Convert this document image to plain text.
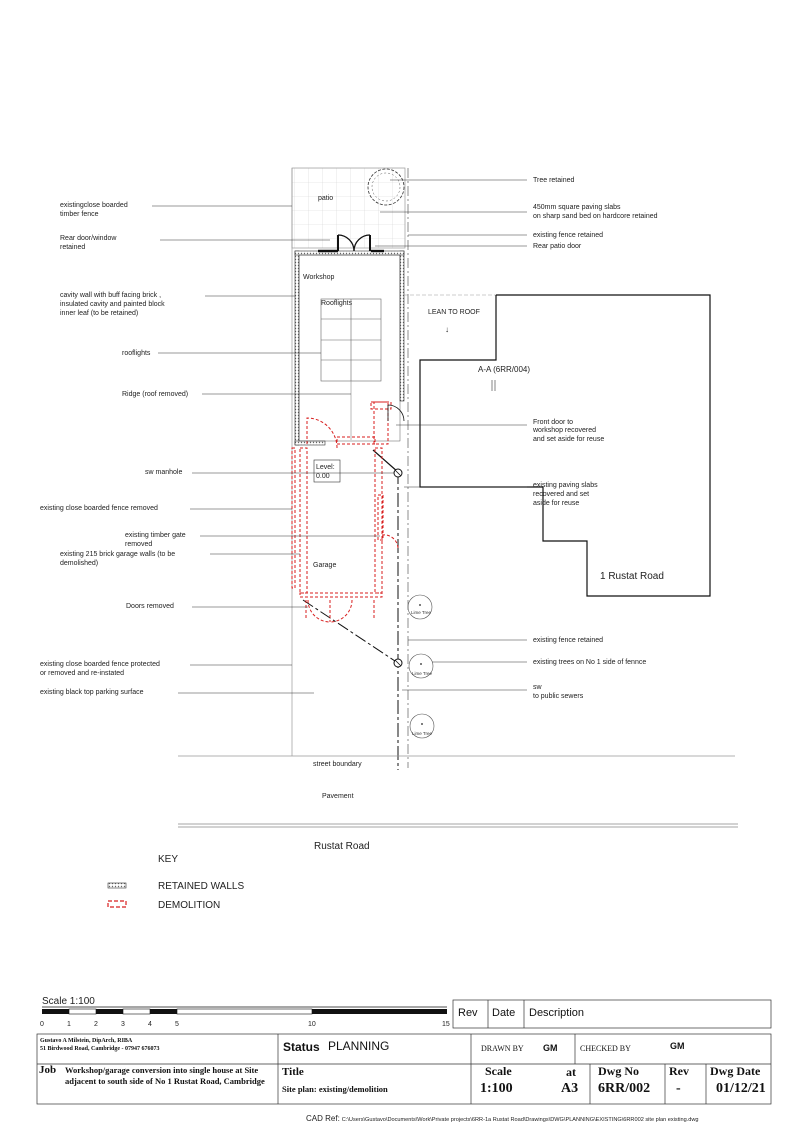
patio
Workshop
Rooflights
LEAN TO ROOF
↓
A-A (6RR/004)
1 Rustat Road
Level:
0.00
Garage
Lime Tree
Lime Tree
Lime Tree
street boundary
Pavement
Rustat Road
existingclose boarded
timber fence
Rear door/window
retained
cavity wall with buff facing brick ,
insulated cavity and painted block
inner leaf (to be retained)
rooflights
Ridge (roof removed)
sw manhole
existing close boarded fence removed
existing timber gate
removed
existing 215 brick garage walls (to be
demolished)
Doors removed
existing close boarded fence protected
or removed and re-instated
existing black top parking surface
Tree retained
450mm square paving slabs
on sharp sand bed on hardcore retained
existing fence retained
Rear patio door
Front door to
workshop recovered
and set aside for reuse
existing paving slabs
recovered and set
aside for reuse
existing fence retained
existing trees on No 1 side of fennce
sw
to public sewers
KEY
RETAINED WALLS
DEMOLITION
Scale 1:100
0	1	2	3	4	5	10	15
Rev Date Description
Gustavo A Milstein, DipArch, RIBA
51 Birdwood Road, Cambridge - 07947 676073	Status PLANNING	DRAWN BY GM	CHECKED BY	GM
Job Workshop/garage conversion into single house at Site adjacent to south side of No 1 Rustat Road, Cambridge
Title
Site plan: existing/demolition
Scale	at
1:100	A3
Dwg No
6RR/002
Rev
-
Dwg Date
01/12/21
CAD Ref: C:\Users\Gustavo\Documents\Work\Private projects\6RR-1a Rustat Road\Drawings\DWG\PLANNING\EXISTING\6RR002 site plan existing.dwg
